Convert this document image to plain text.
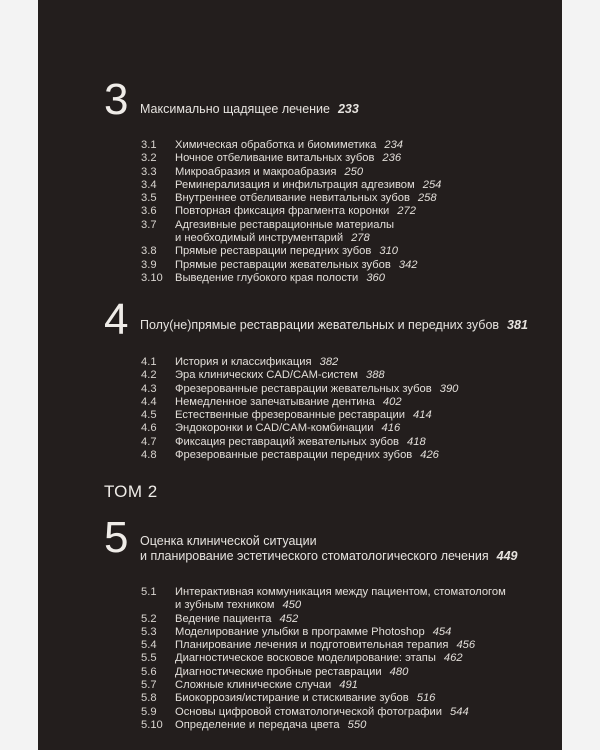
3 Максимально щадящее лечение 233
3.1	Химическая обработка и биомиметика 234
3.2	Ночное отбеливание витальных зубов 236
3.3	Микроабразия и макроабразия 250
3.4	Реминерализация и инфильтрация адгезивом 254
3.5	Внутреннее отбеливание невитальных зубов 258
3.6	Повторная фиксация фрагмента коронки 272
3.7	Адгезивные реставрационные материалы
и необходимый инструментарий 278
3.8	Прямые реставрации передних зубов 310
3.9	Прямые реставрации жевательных зубов 342
3.10	Выведение глубокого края полости 360
4 Полу(не)прямые реставрации жевательных и передних зубов 381
4.1	История и классификация 382
4.2	Эра клинических CAD/CAM-систем 388
4.3	Фрезерованные реставрации жевательных зубов 390
4.4	Немедленное запечатывание дентина 402
4.5	Естественные фрезерованные реставрации 414
4.6	Эндокоронки и CAD/CAM-комбинации 416
4.7	Фиксация реставраций жевательных зубов 418
4.8	Фрезерованные реставрации передних зубов 426
ТОМ 2
5 Оценка клинической ситуации
и планирование эстетического стоматологического лечения 449
5.1	Интерактивная коммуникация между пациентом, стоматологом
и зубным техником 450
5.2	Ведение пациента 452
5.3	Моделирование улыбки в программе Photoshop 454
5.4	Планирование лечения и подготовительная терапия 456
5.5	Диагностическое восковое моделирование: этапы 462
5.6	Диагностические пробные реставрации 480
5.7	Сложные клинические случаи 491
5.8	Биокоррозия/истирание и стискивание зубов 516
5.9	Основы цифровой стоматологической фотографии 544
5.10	Определение и передача цвета 550
